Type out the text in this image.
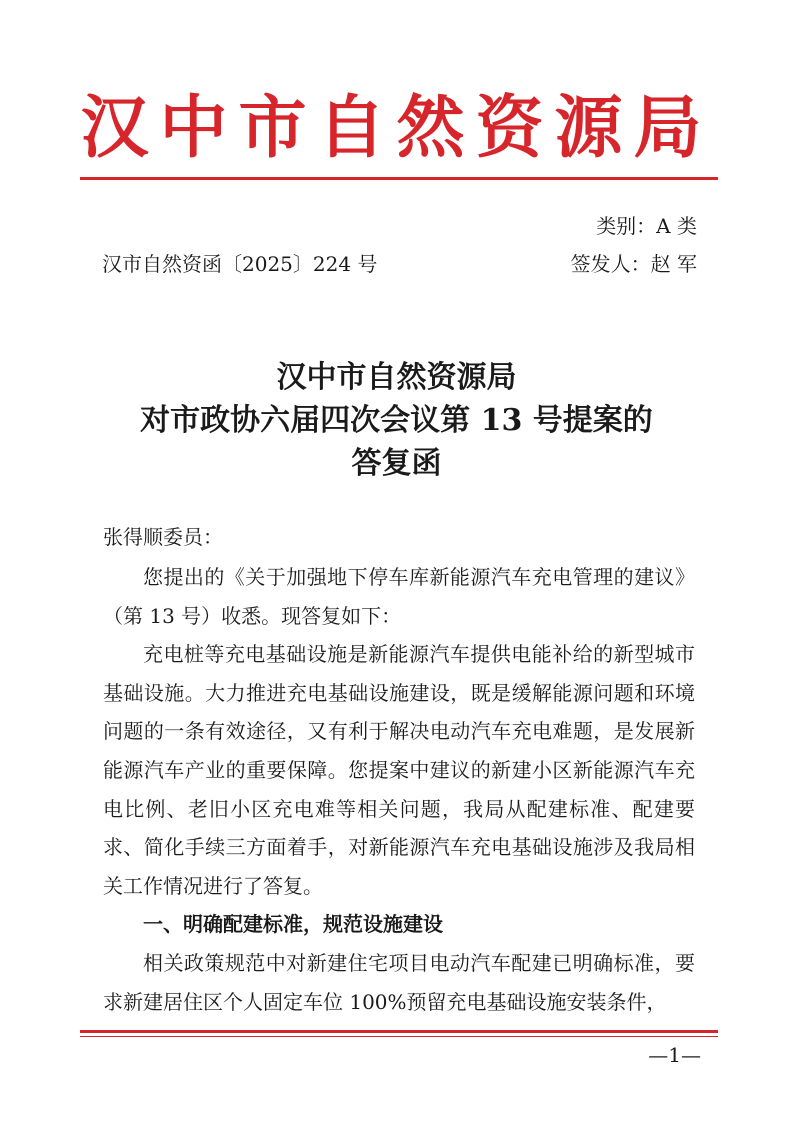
汉中市自然资源局
类别：A 类
汉市自然资函〔2025〕224 号	签发人：赵 军
汉中市自然资源局
对市政协六届四次会议第 13 号提案的
答复函
张得顺委员：

您提出的《关于加强地下停车库新能源汽车充电管理的建议》（第 13 号）收悉。现答复如下：

充电桩等充电基础设施是新能源汽车提供电能补给的新型城市基础设施。大力推进充电基础设施建设，既是缓解能源问题和环境问题的一条有效途径，又有利于解决电动汽车充电难题，是发展新能源汽车产业的重要保障。您提案中建议的新建小区新能源汽车充电比例、老旧小区充电难等相关问题，我局从配建标准、配建要求、简化手续三方面着手，对新能源汽车充电基础设施涉及我局相关工作情况进行了答复。

一、明确配建标准，规范设施建设

相关政策规范中对新建住宅项目电动汽车配建已明确标准，要求新建居住区个人固定车位 100%预留充电基础设施安装条件，

—1—
